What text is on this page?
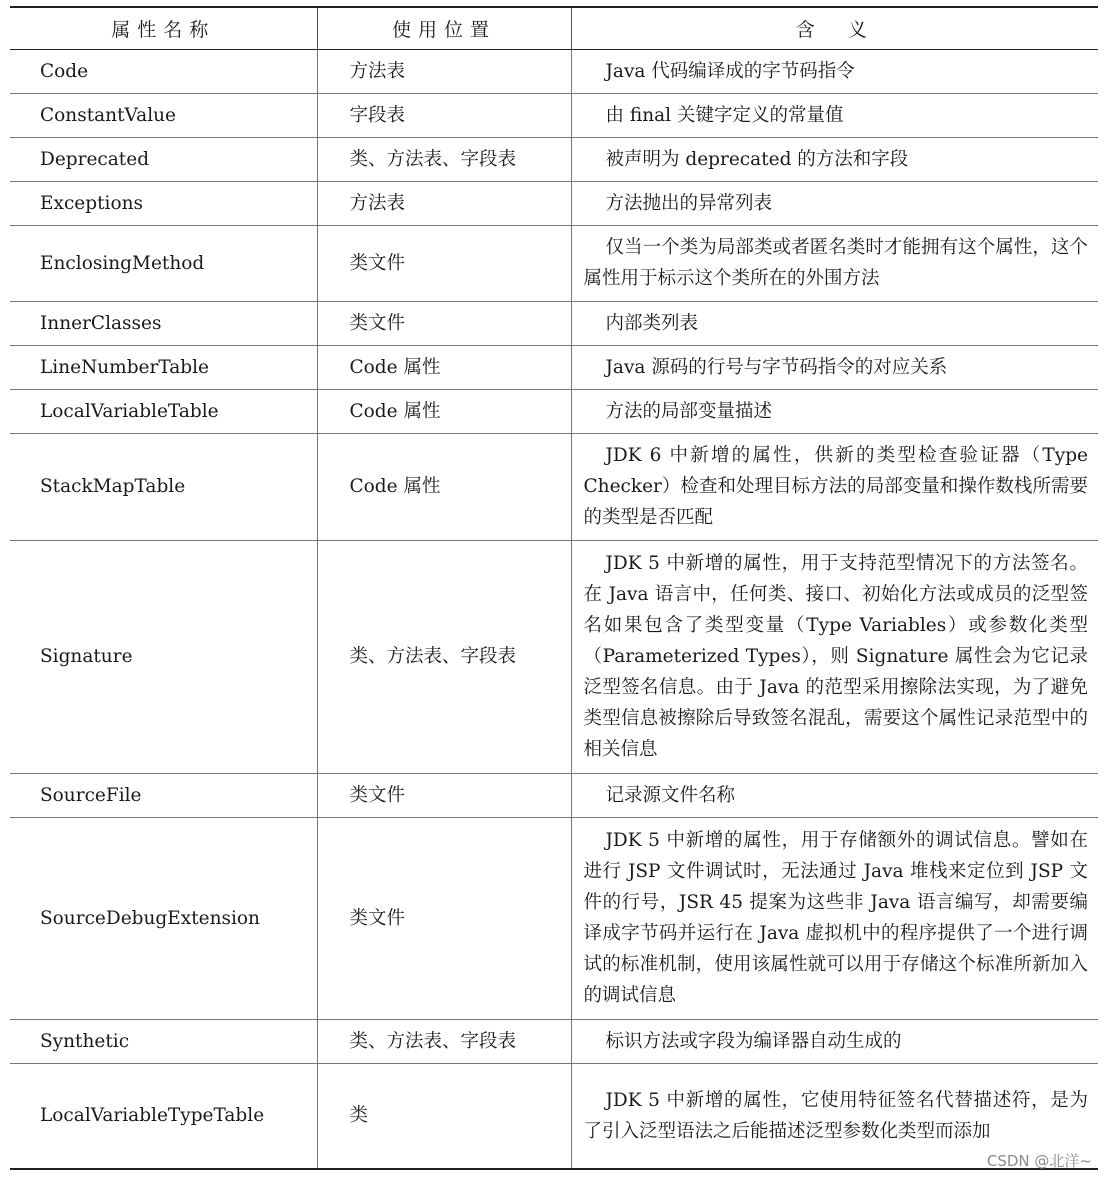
属性名称	使用位置	含　义
Code	方法表	Java 代码编译成的字节码指令

ConstantValue	字段表	由 final 关键字定义的常量值

Deprecated	类、方法表、字段表	被声明为 deprecated 的方法和字段

Exceptions	方法表	方法抛出的异常列表

EnclosingMethod	类文件	仅当一个类为局部类或者匿名类时才能拥有这个属性，这个属性用于标示这个类所在的外围方法

InnerClasses	类文件	内部类列表

LineNumberTable	Code 属性	Java 源码的行号与字节码指令的对应关系

LocalVariableTable	Code 属性	方法的局部变量描述

StackMapTable	Code 属性	JDK 6 中新增的属性，供新的类型检查验证器（Type Checker）检查和处理目标方法的局部变量和操作数栈所需要的类型是否匹配

Signature	类、方法表、字段表	JDK 5 中新增的属性，用于支持范型情况下的方法签名。在 Java 语言中，任何类、接口、初始化方法或成员的泛型签名如果包含了类型变量（Type Variables）或参数化类型（Parameterized Types），则 Signature 属性会为它记录泛型签名信息。由于 Java 的范型采用擦除法实现，为了避免类型信息被擦除后导致签名混乱，需要这个属性记录范型中的相关信息

SourceFile	类文件	记录源文件名称

SourceDebugExtension	类文件	JDK 5 中新增的属性，用于存储额外的调试信息。譬如在进行 JSP 文件调试时，无法通过 Java 堆栈来定位到 JSP 文件的行号，JSR 45 提案为这些非 Java 语言编写，却需要编译成字节码并运行在 Java 虚拟机中的程序提供了一个进行调试的标准机制，使用该属性就可以用于存储这个标准所新加入的调试信息

Synthetic	类、方法表、字段表	标识方法或字段为编译器自动生成的

LocalVariableTypeTable	类	JDK 5 中新增的属性，它使用特征签名代替描述符，是为了引入泛型语法之后能描述泛型参数化类型而添加
CSDN @北洋~
